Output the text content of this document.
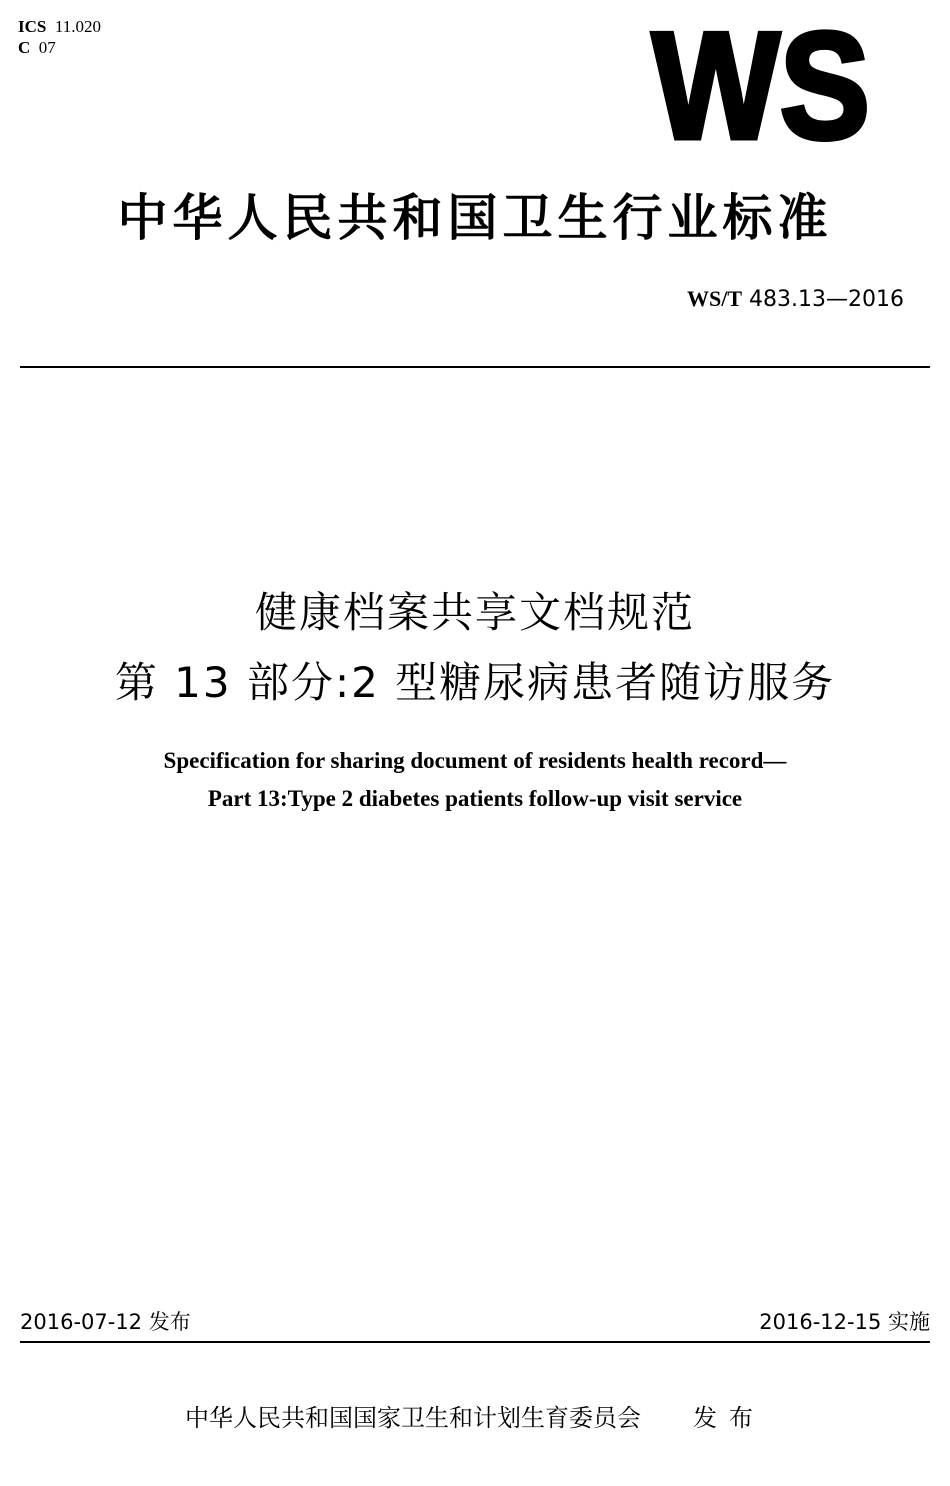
ICS 11.020
C 07	WS
中华人民共和国卫生行业标准
WS/T 483.13—2016
健康档案共享文档规范
第 13 部分:2 型糖尿病患者随访服务
Specification for sharing document of residents health record—
Part 13:Type 2 diabetes patients follow-up visit service
2016-07-12 发布	2016-12-15 实施
中华人民共和国国家卫生和计划生育委员会 发布
